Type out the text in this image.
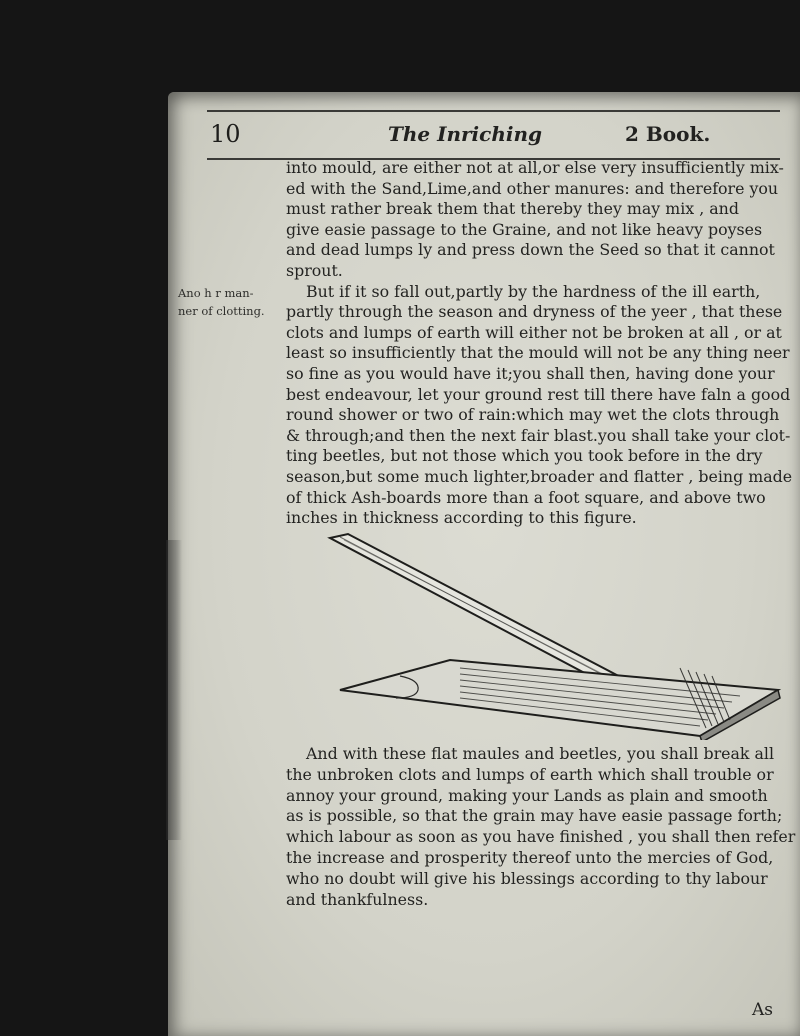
10	The Inriching	2 Book.
Ano h r man-
ner of clotting.
into mould, are either not at all,or else very insufficiently mix-
ed with the Sand,Lime,and other manures: and therefore you
must rather break them that thereby they may mix , and
give easie passage to the Graine, and not like heavy poyses
and dead lumps ly and press down the Seed so that it cannot
sprout.
But if it so fall out,partly by the hardness of the ill earth,
partly through the season and dryness of the yeer , that these
clots and lumps of earth will either not be broken at all , or at
least so insufficiently that the mould will not be any thing neer
so fine as you would have it;you shall then, having done your
best endeavour, let your ground rest till there have faln a good
round shower or two of rain:which may wet the clots through
& through;and then the next fair blast.you shall take your clot-
ting beetles, but not those which you took before in the dry
season,but some much lighter,broader and flatter , being made
of thick Ash-boards more than a foot square, and above two
inches in thickness according to this figure.
And with these flat maules and beetles, you shall break all
the unbroken clots and lumps of earth which shall trouble or
annoy your ground, making your Lands as plain and smooth
as is possible, so that the grain may have easie passage forth;
which labour as soon as you have finished , you shall then refer
the increase and prosperity thereof unto the mercies of God,
who no doubt will give his blessings according to thy labour
and thankfulness.
As
